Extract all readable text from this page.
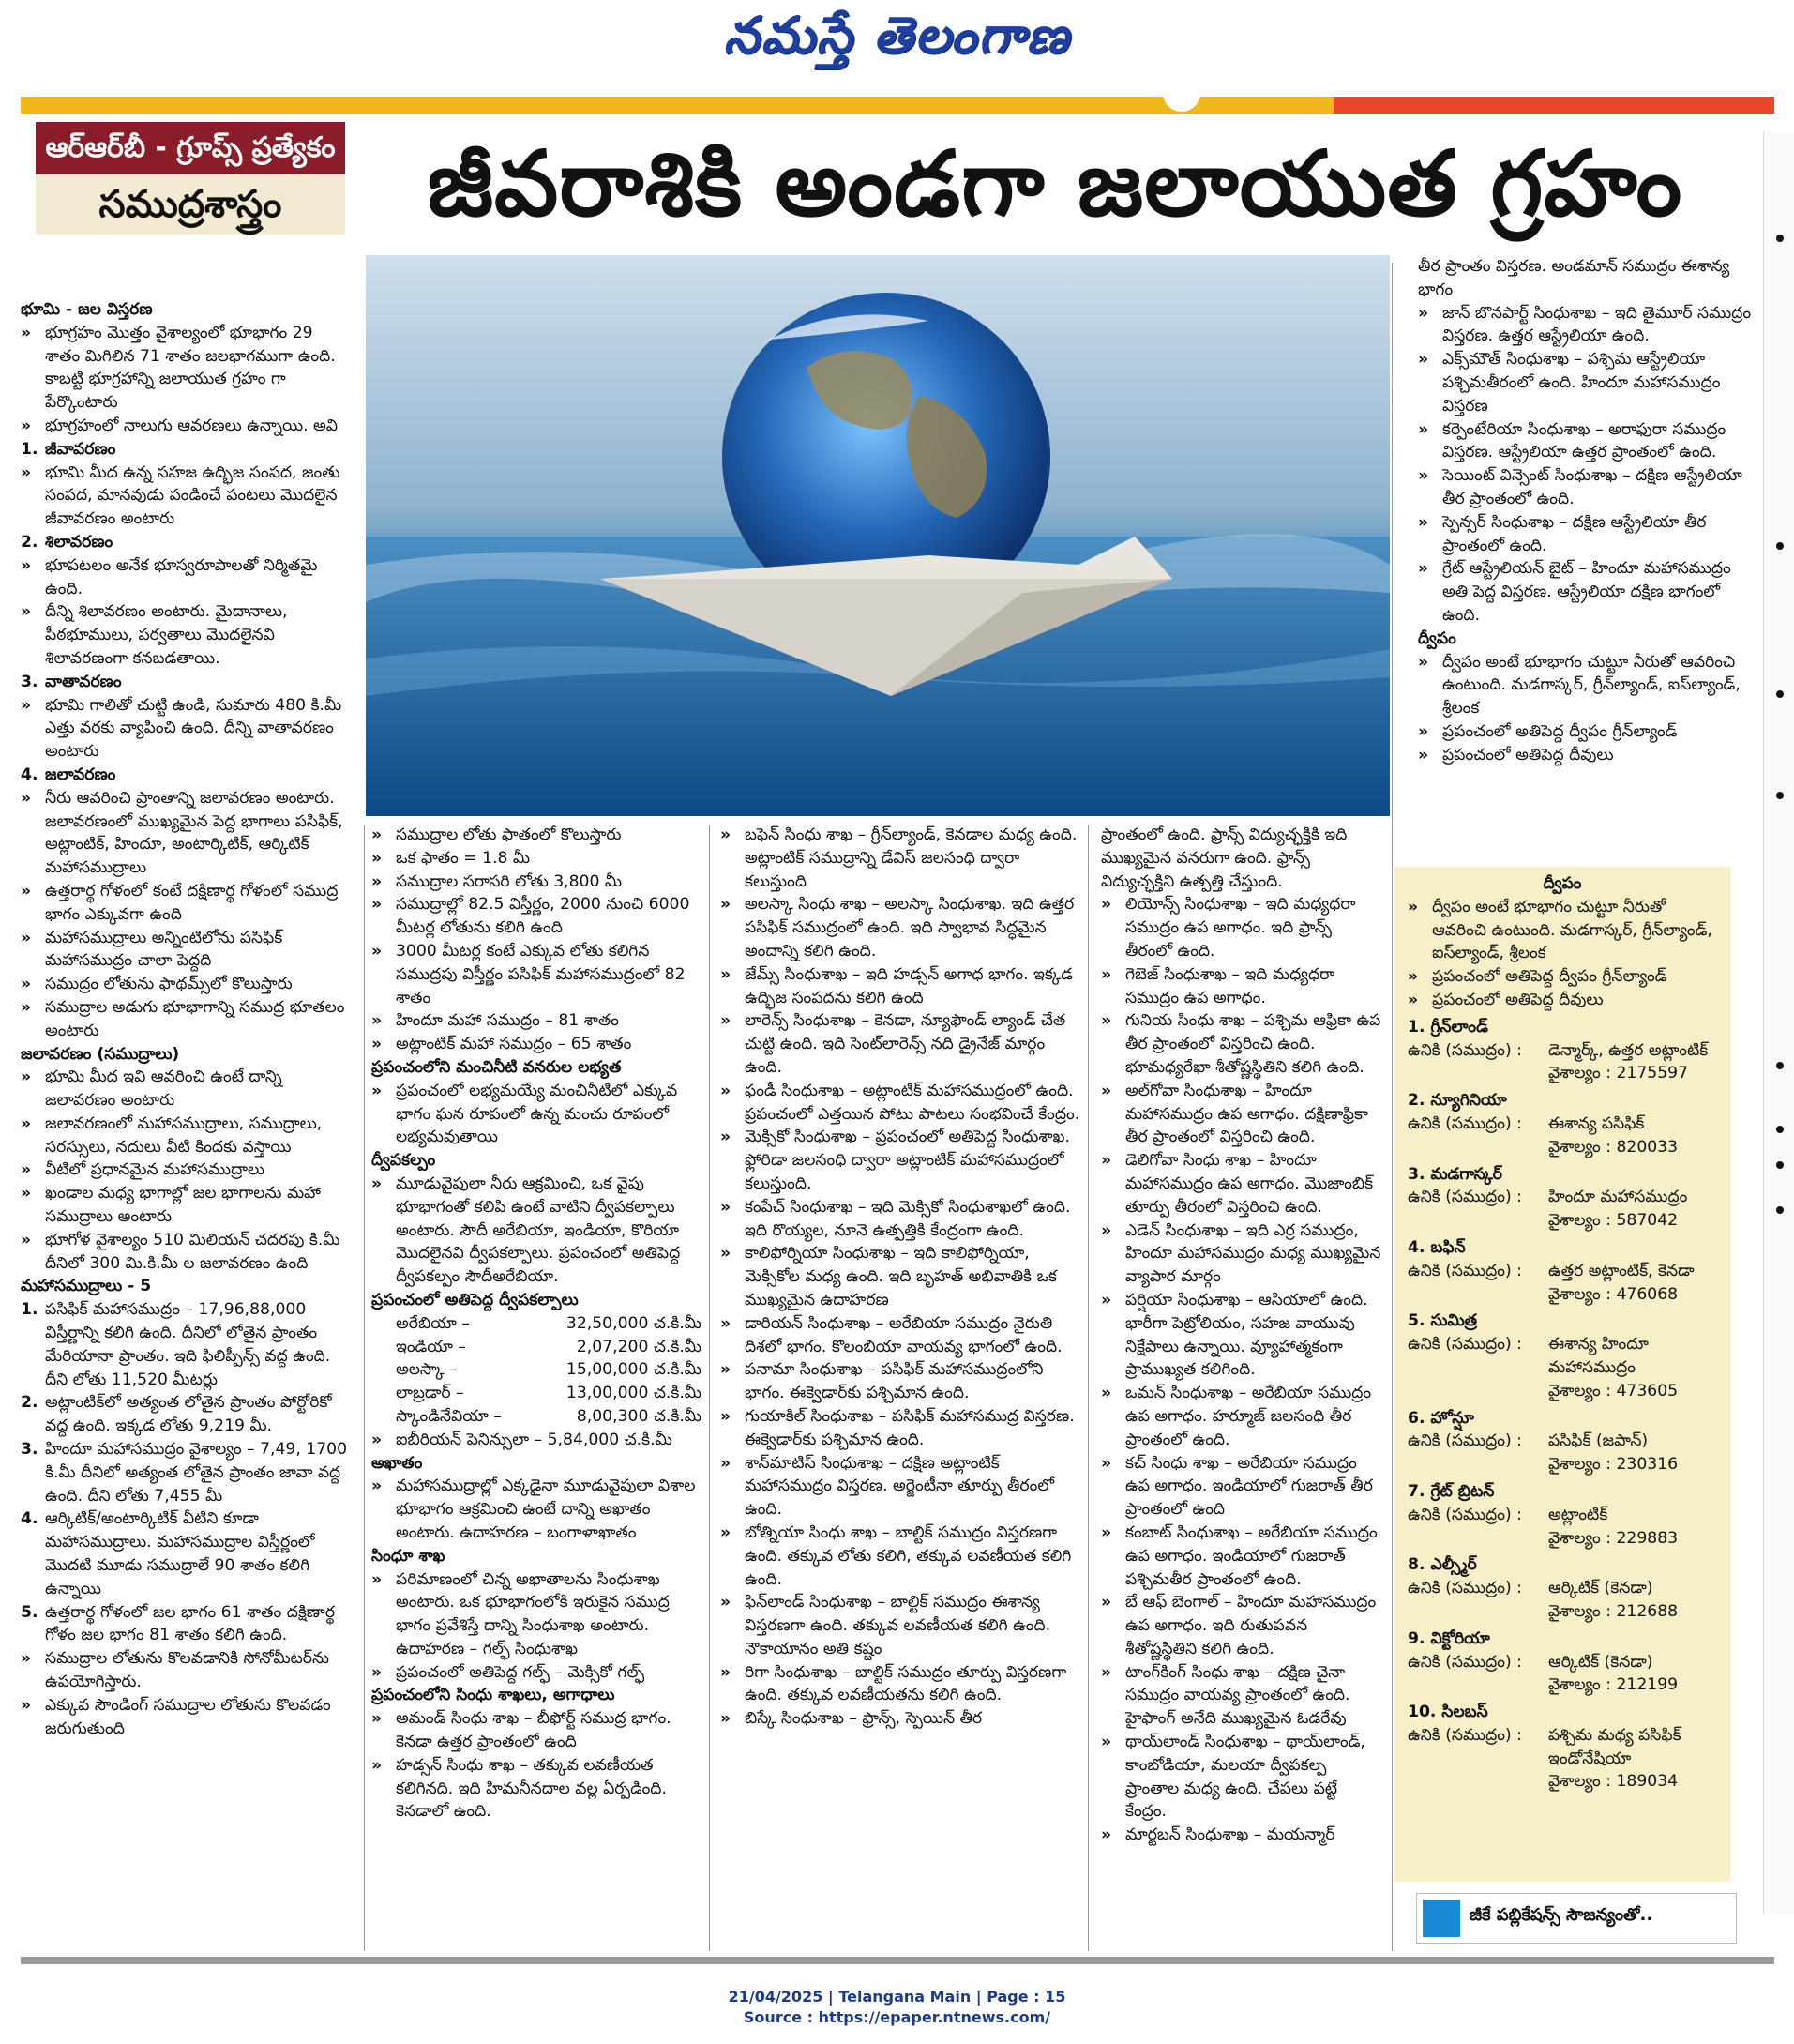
నమస్తే తెలంగాణ
ఆర్‌ఆర్‌బీ - గ్రూప్స్ ప్రత్యేకం
సముద్రశాస్త్రం	జీవరాశికి అండగా జలాయుత గ్రహం

భూమి - జల విస్తరణ

» భూగ్రహం మొత్తం వైశాల్యంలో భూభాగం 29 శాతం మిగిలిన 71 శాతం జలభాగముగా ఉంది. కాబట్టి భూగ్రహాన్ని జలాయుత గ్రహం గా పేర్కొంటారు

» భూగ్రహంలో నాలుగు ఆవరణలు ఉన్నాయి. అవి

1. జీవావరణం

» భూమి మీద ఉన్న సహజ ఉద్భిజ సంపద, జంతు సంపద, మానవుడు పండించే పంటలు మొదలైన జీవావరణం అంటారు

2. శిలావరణం

» భూపటలం అనేక భూస్వరూపాలతో నిర్మితమై ఉంది.

» దీన్ని శిలావరణం అంటారు. మైదానాలు, పీఠభూములు, పర్వతాలు మొదలైనవి శిలావరణంగా కనబడతాయి.

3. వాతావరణం

» భూమి గాలితో చుట్టి ఉండి, సుమారు 480 కి.మీ ఎత్తు వరకు వ్యాపించి ఉంది. దీన్ని వాతావరణం అంటారు

4. జలావరణం

» నీరు ఆవరించి ప్రాంతాన్ని జలావరణం అంటారు. జలావరణంలో ముఖ్యమైన పెద్ద భాగాలు పసిఫిక్, అట్లాంటిక్, హిందూ, అంటార్కిటిక్, ఆర్కిటిక్ మహాసముద్రాలు

» ఉత్తరార్థ గోళంలో కంటే దక్షిణార్థ గోళంలో సముద్ర భాగం ఎక్కువగా ఉంది

» మహాసముద్రాలు అన్నింటిలోను పసిఫిక్ మహాసముద్రం చాలా పెద్దది

» సముద్రం లోతును ఫాథమ్స్‌లో కొలుస్తారు

» సముద్రాల అడుగు భూభాగాన్ని సముద్ర భూతలం అంటారు

జలావరణం (సముద్రాలు)

» భూమి మీద ఇవి ఆవరించి ఉంటే దాన్ని జలావరణం అంటారు

» జలావరణంలో మహాసముద్రాలు, సముద్రాలు, సరస్సులు, నదులు వీటి కిందకు వస్తాయి

» వీటిలో ప్రధానమైన మహాసముద్రాలు

» ఖండాల మధ్య భాగాల్లో జల భాగాలను మహా సముద్రాలు అంటారు

» భూగోళ వైశాల్యం 510 మిలియన్ చదరపు కి.మీ దీనిలో 300 మి.కి.మీ ల జలావరణం ఉంది

మహాసముద్రాలు - 5

1. పసిఫిక్ మహాసముద్రం – 17,96,88,000 విస్తీర్ణాన్ని కలిగి ఉంది. దీనిలో లోతైన ప్రాంతం మేరియానా ప్రాంతం. ఇది ఫిలిప్పీన్స్ వద్ద ఉంది. దీని లోతు 11,520 మీటర్లు

2. అట్లాంటిక్‌లో అత్యంత లోతైన ప్రాంతం పోర్టోరికో వద్ద ఉంది. ఇక్కడ లోతు 9,219 మీ.

3. హిందూ మహాసముద్రం వైశాల్యం – 7,49, 1700 కి.మీ దీనిలో అత్యంత లోతైన ప్రాంతం జావా వద్ద ఉంది. దీని లోతు 7,455 మీ

4. ఆర్కిటిక్/అంటార్కిటిక్ వీటిని కూడా మహాసముద్రాలు. మహాసముద్రాల విస్తీర్ణంలో మొదటి మూడు సముద్రాలే 90 శాతం కలిగి ఉన్నాయి

5. ఉత్తరార్థ గోళంలో జల భాగం 61 శాతం దక్షిణార్థ గోళం జల భాగం 81 శాతం కలిగి ఉంది.

» సముద్రాల లోతును కొలవడానికి సోనోమీటర్‌ను ఉపయోగిస్తారు.

» ఎక్కువ సౌండింగ్ సముద్రాల లోతును కొలవడం జరుగుతుంది

» సముద్రాల లోతు ఫాతంలో కొలుస్తారు

» ఒక ఫాతం = 1.8 మీ

» సముద్రాల సరాసరి లోతు 3,800 మీ

» సముద్రాల్లో 82.5 విస్తీర్ణం, 2000 నుంచి 6000 మీటర్ల లోతును కలిగి ఉంది

» 3000 మీటర్ల కంటే ఎక్కువ లోతు కలిగిన సముద్రపు విస్తీర్ణం పసిఫిక్ మహాసముద్రంలో 82 శాతం

» హిందూ మహా సముద్రం – 81 శాతం

» అట్లాంటిక్ మహా సముద్రం – 65 శాతం

ప్రపంచంలోని మంచినీటి వనరుల లభ్యత

» ప్రపంచంలో లభ్యమయ్యే మంచినీటిలో ఎక్కువ భాగం ఘన రూపంలో ఉన్న మంచు రూపంలో లభ్యమవుతాయి

ద్వీపకల్పం

» మూడువైపులా నీరు ఆక్రమించి, ఒక వైపు భూభాగంతో కలిపి ఉంటే వాటిని ద్వీపకల్పాలు అంటారు. సౌదీ అరేబియా, ఇండియా, కొరియా మొదలైనవి ద్వీపకల్పాలు. ప్రపంచంలో అతిపెద్ద ద్వీపకల్పం సౌదీఅరేబియా.

ప్రపంచంలో అతిపెద్ద ద్వీపకల్పాలు

అరేబియా –	32,50,000 చ.కి.మీ

ఇండియా –	2,07,200 చ.కి.మీ

అలస్కా –	15,00,000 చ.కి.మీ

లాబ్రడార్ –	13,00,000 చ.కి.మీ

స్కాండినేవియా –	8,00,300 చ.కి.మీ

» ఐబీరియన్ పెనిన్సులా – 5,84,000 చ.కి.మీ

అఖాతం

» మహాసముద్రాల్లో ఎక్కడైనా మూడువైపులా విశాల భూభాగం ఆక్రమించి ఉంటే దాన్ని అఖాతం అంటారు. ఉదాహరణ – బంగాళాఖాతం

సింధూ శాఖ

» పరిమాణంలో చిన్న అఖాతాలను సింధుశాఖ అంటారు. ఒక భూభాగంలోకి ఇరుకైన సముద్ర భాగం ప్రవేశిస్తే దాన్ని సింధుశాఖ అంటారు. ఉదాహరణ – గల్ఫ్ సింధుశాఖ

» ప్రపంచంలో అతిపెద్ద గల్ఫ్ – మెక్సికో గల్ఫ్

ప్రపంచంలోని సింధు శాఖలు, అగాధాలు

» అమండ్ సింధు శాఖ – బీఫోర్ట్ సముద్ర భాగం. కెనడా ఉత్తర ప్రాంతంలో ఉంది

» హడ్సన్ సింధు శాఖ – తక్కువ లవణీయత కలిగినది. ఇది హిమనీనదాల వల్ల ఏర్పడింది. కెనడాలో ఉంది.

» బఫెన్ సింధు శాఖ – గ్రీన్‌ల్యాండ్, కెనడాల మధ్య ఉంది. అట్లాంటిక్ సముద్రాన్ని డేవిస్ జలసంధి ద్వారా కలుస్తుంది

» అలస్కా సింధు శాఖ – అలస్కా సింధుశాఖ. ఇది ఉత్తర పసిఫిక్ సముద్రంలో ఉంది. ఇది స్వాభావ సిద్ధమైన అందాన్ని కలిగి ఉంది.

» జేమ్స్ సింధుశాఖ – ఇది హడ్సన్ అగాధ భాగం. ఇక్కడ ఉద్భిజ సంపదను కలిగి ఉంది

» లారెన్స్ సింధుశాఖ – కెనడా, న్యూఫౌండ్ ల్యాండ్ చేత చుట్టి ఉంది. ఇది సెంట్‌లారెన్స్ నది డ్రైనేజ్ మార్గం ఉంది.

» ఫండీ సింధుశాఖ – అట్లాంటిక్ మహాసముద్రంలో ఉంది. ప్రపంచంలో ఎత్తయిన పోటు పాటలు సంభవించే కేంద్రం.

» మెక్సికో సింధుశాఖ – ప్రపంచంలో అతిపెద్ద సింధుశాఖ. ఫ్లోరిడా జలసంధి ద్వారా అట్లాంటిక్ మహాసముద్రంలో కలుస్తుంది.

» కంపేచ్ సింధుశాఖ – ఇది మెక్సికో సింధుశాఖలో ఉంది. ఇది రొయ్యల, నూనె ఉత్పత్తికి కేంద్రంగా ఉంది.

» కాలిఫోర్నియా సింధుశాఖ – ఇది కాలిఫోర్నియా, మెక్సికోల మధ్య ఉంది. ఇది బృహత్ అభివాతికి ఒక ముఖ్యమైన ఉదాహరణ

» డారియన్ సింధుశాఖ – అరేబియా సముద్రం నైరుతి దిశలో భాగం. కొలంబియా వాయవ్య భాగంలో ఉంది.

» పనామా సింధుశాఖ – పసిఫిక్ మహాసముద్రంలోని భాగం. ఈక్వెడార్‌కు పశ్చిమాన ఉంది.

» గుయాకిల్ సింధుశాఖ – పసిఫిక్ మహాసముద్ర విస్తరణ. ఈక్వెడార్‌కు పశ్చిమాన ఉంది.

» శాన్‌మాటిస్ సింధుశాఖ – దక్షిణ అట్లాంటిక్ మహాసముద్రం విస్తరణ. అర్జెంటీనా తూర్పు తీరంలో ఉంది.

» బోత్నియా సింధు శాఖ – బాల్టిక్ సముద్రం విస్తరణగా ఉంది. తక్కువ లోతు కలిగి, తక్కువ లవణీయత కలిగి ఉంది.

» ఫిన్‌లాండ్ సింధుశాఖ – బాల్టిక్ సముద్రం ఈశాన్య విస్తరణగా ఉంది. తక్కువ లవణీయత కలిగి ఉంది. నౌకాయానం అతి కష్టం

» రిగా సింధుశాఖ – బాల్టిక్ సముద్రం తూర్పు విస్తరణగా ఉంది. తక్కువ లవణీయతను కలిగి ఉంది.

» బిస్కే సింధుశాఖ – ఫ్రాన్స్, స్పెయిన్ తీర

ప్రాంతంలో ఉంది. ఫ్రాన్స్ విద్యుచ్ఛక్తికి ఇది ముఖ్యమైన వనరుగా ఉంది. ఫ్రాన్స్ విద్యుచ్ఛక్తిని ఉత్పత్తి చేస్తుంది.

» లియోన్స్ సింధుశాఖ – ఇది మధ్యధరా సముద్రం ఉప అగాధం. ఇది ఫ్రాన్స్ తీరంలో ఉంది.

» గెబెజ్ సింధుశాఖ – ఇది మధ్యధరా సముద్రం ఉప అగాధం.

» గునియ సింధు శాఖ – పశ్చిమ ఆఫ్రికా ఉప తీర ప్రాంతంలో విస్తరించి ఉంది. భూమధ్యరేఖా శీతోష్ణస్థితిని కలిగి ఉంది.

» అల్‌గోవా సింధుశాఖ – హిందూ మహాసముద్రం ఉప అగాధం. దక్షిణాఫ్రికా తీర ప్రాంతంలో విస్తరించి ఉంది.

» డెలిగోవా సింధు శాఖ – హిందూ మహాసముద్రం ఉప అగాధం. మొజాంబిక్ తూర్పు తీరంలో విస్తరించి ఉంది.

» ఎడెన్ సింధుశాఖ – ఇది ఎర్ర సముద్రం, హిందూ మహాసముద్రం మధ్య ముఖ్యమైన వ్యాపార మార్గం

» పర్షియా సింధుశాఖ – ఆసియాలో ఉంది. భారీగా పెట్రోలియం, సహజ వాయువు నిక్షేపాలు ఉన్నాయి. వ్యూహాత్మకంగా ప్రాముఖ్యత కలిగింది.

» ఒమన్ సింధుశాఖ – అరేబియా సముద్రం ఉప అగాధం. హర్మూజ్ జలసంధి తీర ప్రాంతంలో ఉంది.

» కచ్ సింధు శాఖ – అరేబియా సముద్రం ఉప అగాధం. ఇండియాలో గుజరాత్ తీర ప్రాంతంలో ఉంది

» కంబాట్ సింధుశాఖ – అరేబియా సముద్రం ఉప అగాధం. ఇండియాలో గుజరాత్ పశ్చిమతీర ప్రాంతంలో ఉంది.

» బే ఆఫ్ బెంగాల్ – హిందూ మహాసముద్రం ఉప అగాధం. ఇది రుతుపవన శీతోష్ణస్థితిని కలిగి ఉంది.

» టాంగ్‌కింగ్ సింధు శాఖ – దక్షిణ చైనా సముద్రం వాయవ్య ప్రాంతంలో ఉంది. హైఫాంగ్ అనేది ముఖ్యమైన ఓడరేవు

» థాయ్‌లాండ్ సింధుశాఖ – థాయ్‌లాండ్, కాంబోడియా, మలయా ద్వీపకల్ప ప్రాంతాల మధ్య ఉంది. చేపలు పట్టే కేంద్రం.

» మార్టబన్ సింధుశాఖ – మయన్మార్

తీర ప్రాంతం విస్తరణ. అండమాన్ సముద్రం ఈశాన్య భాగం

» జాన్ బొనపార్ట్ సింధుశాఖ – ఇది తైమూర్ సముద్రం విస్తరణ. ఉత్తర ఆస్ట్రేలియా ఉంది.

» ఎక్స్‌మౌత్ సింధుశాఖ – పశ్చిమ ఆస్ట్రేలియా పశ్చిమతీరంలో ఉంది. హిందూ మహాసముద్రం విస్తరణ

» కర్పెంటేరియా సింధుశాఖ – అరాఫురా సముద్రం విస్తరణ. ఆస్ట్రేలియా ఉత్తర ప్రాంతంలో ఉంది.

» సెయింట్ విన్సెంట్ సింధుశాఖ – దక్షిణ ఆస్ట్రేలియా తీర ప్రాంతంలో ఉంది.

» స్పెన్సర్ సింధుశాఖ – దక్షిణ ఆస్ట్రేలియా తీర ప్రాంతంలో ఉంది.

» గ్రేట్ ఆస్ట్రేలియన్ బైట్ – హిందూ మహాసముద్రం అతి పెద్ద విస్తరణ. ఆస్ట్రేలియా దక్షిణ భాగంలో ఉంది.

ద్వీపం

» ద్వీపం అంటే భూభాగం చుట్టూ నీరుతో ఆవరించి ఉంటుంది. మడగాస్కర్, గ్రీన్‌ల్యాండ్, ఐస్‌ల్యాండ్, శ్రీలంక

» ప్రపంచంలో అతిపెద్ద ద్వీపం గ్రీన్‌ల్యాండ్

» ప్రపంచంలో అతిపెద్ద దీవులు

ద్వీపం

» ద్వీపం అంటే భూభాగం చుట్టూ నీరుతో ఆవరించి ఉంటుంది. మడగాస్కర్, గ్రీన్‌ల్యాండ్, ఐస్‌ల్యాండ్, శ్రీలంక

» ప్రపంచంలో అతిపెద్ద ద్వీపం గ్రీన్‌ల్యాండ్

» ప్రపంచంలో అతిపెద్ద దీవులు

1. గ్రీన్‌లాండ్

ఉనికి (సముద్రం) :	డెన్మార్క్, ఉత్తర అట్లాంటిక్
వైశాల్యం : 2175597

2. న్యూగినియా

ఉనికి (సముద్రం) :	ఈశాన్య పసిఫిక్
వైశాల్యం : 820033

3. మడగాస్కర్

ఉనికి (సముద్రం) :	హిందూ మహాసముద్రం
వైశాల్యం : 587042

4. బఫిన్

ఉనికి (సముద్రం) :	ఉత్తర అట్లాంటిక్, కెనడా
వైశాల్యం : 476068

5. సుమిత్ర

ఉనికి (సముద్రం) :	ఈశాన్య హిందూ మహాసముద్రం
వైశాల్యం : 473605

6. హోన్షూ

ఉనికి (సముద్రం) :	పసిఫిక్ (జపాన్)
వైశాల్యం : 230316

7. గ్రేట్ బ్రిటన్

ఉనికి (సముద్రం) :	అట్లాంటిక్
వైశాల్యం : 229883

8. ఎల్స్మీర్

ఉనికి (సముద్రం) :	ఆర్కిటిక్ (కెనడా)
వైశాల్యం : 212688

9. విక్టోరియా

ఉనికి (సముద్రం) :	ఆర్కిటిక్ (కెనడా)
వైశాల్యం : 212199

10. సిలబస్

ఉనికి (సముద్రం) :	పశ్చిమ మధ్య పసిఫిక్ ఇండోనేషియా
వైశాల్యం : 189034
జీకే పబ్లికేషన్స్ సౌజన్యంతో..
21/04/2025 | Telangana Main | Page : 15
Source : https://epaper.ntnews.com/
